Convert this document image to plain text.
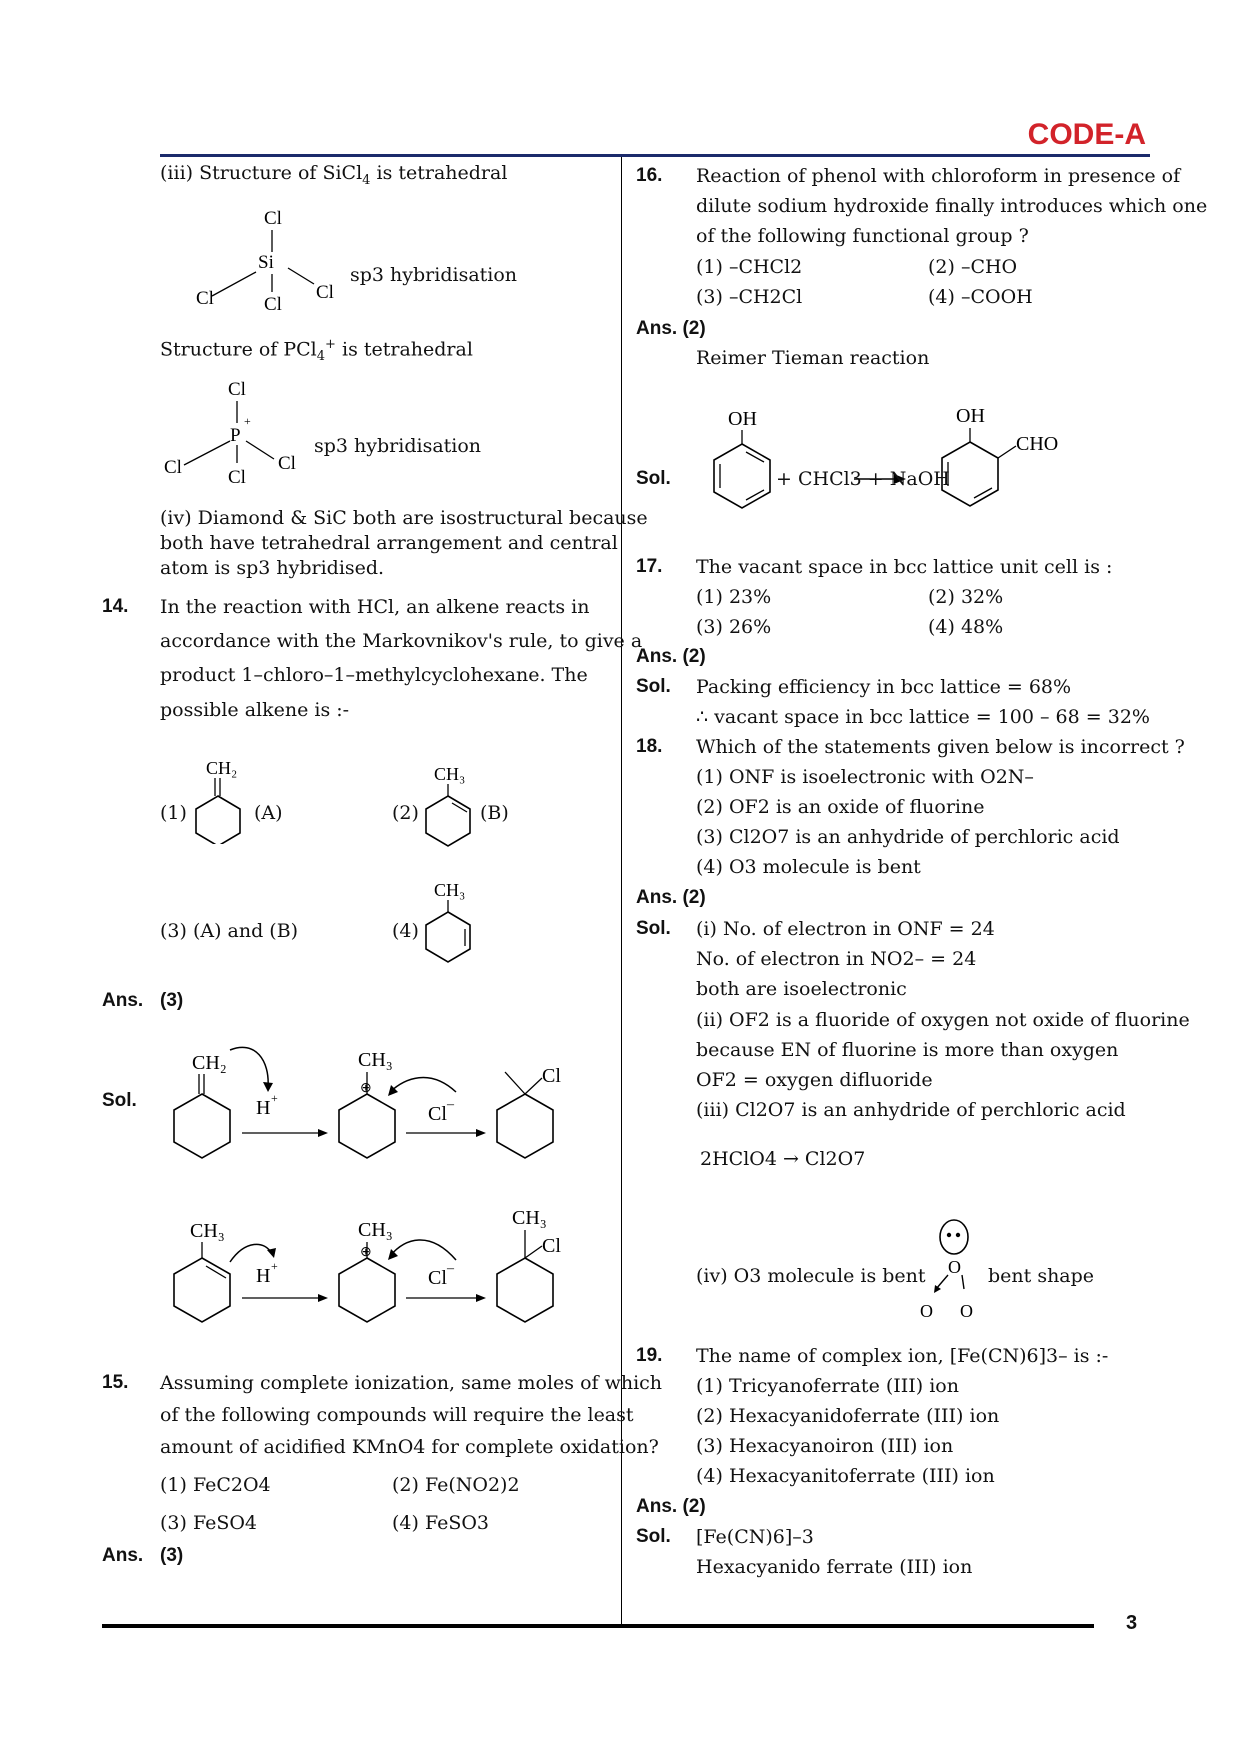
CODE-A
3
(iii) Structure of SiCl$_4$ is tetrahedral
Cl
Si
Cl	Cl
Cl
sp3 hybridisation
Structure of PCl$_4$+ is tetrahedral
Cl
P
+
Cl Cl
Cl
sp3 hybridisation
(iv) Diamond & SiC both are isostructural because
both have tetrahedral arrangement and central
atom is sp3 hybridised.
14. In the reaction with HCl, an alkene reacts in
accordance with the Markovnikov's rule, to give a
product 1–chloro–1–methylcyclohexane. The
possible alkene is :-
(1)
CH₂
(A)	(2)
CH₃
(B)
(3) (A) and (B)	(4)
CH₃
Ans. (3)
Sol.
CH₂
H +
CH₃
⊕
Cl –
Cl
CH₃
H +
CH₃
⊕
Cl –
CH₃
Cl
15. Assuming complete ionization, same moles of which
of the following compounds will require the least
amount of acidified KMnO4 for complete oxidation?
(1) FeC2O4	(2) Fe(NO2)2
(3) FeSO4	(4) FeSO3
Ans. (3)
16. Reaction of phenol with chloroform in presence of
dilute sodium hydroxide finally introduces which one
of the following functional group ?
(1) –CHCl2	(2) –CHO
(3) –CH2Cl	(4) –COOH
Ans. (2)
Reimer Tieman reaction
Sol.
OH	OH
CHO
+ CHCl3 + NaOH
17. The vacant space in bcc lattice unit cell is :
(1) 23%	(2) 32%
(3) 26%	(4) 48%
Ans. (2)
Sol. Packing efficiency in bcc lattice = 68%
∴ vacant space in bcc lattice = 100 – 68 = 32%
18. Which of the statements given below is incorrect ?
(1) ONF is isoelectronic with O2N–
(2) OF2 is an oxide of fluorine
(3) Cl2O7 is an anhydride of perchloric acid
(4) O3 molecule is bent
Ans. (2)
Sol. (i) No. of electron in ONF = 24
No. of electron in NO2– = 24
both are isoelectronic
(ii) OF2 is a fluoride of oxygen not oxide of fluorine
because EN of fluorine is more than oxygen
OF2 = oxygen difluoride
(iii) Cl2O7 is an anhydride of perchloric acid
2HClO4 → Cl2O7
(iv) O3 molecule is bent O
O O
bent shape
19. The name of complex ion, [Fe(CN)6]3– is :-
(1) Tricyanoferrate (III) ion
(2) Hexacyanidoferrate (III) ion
(3) Hexacyanoiron (III) ion
(4) Hexacyanitoferrate (III) ion
Ans. (2)
Sol. [Fe(CN)6]–3
Hexacyanido ferrate (III) ion
